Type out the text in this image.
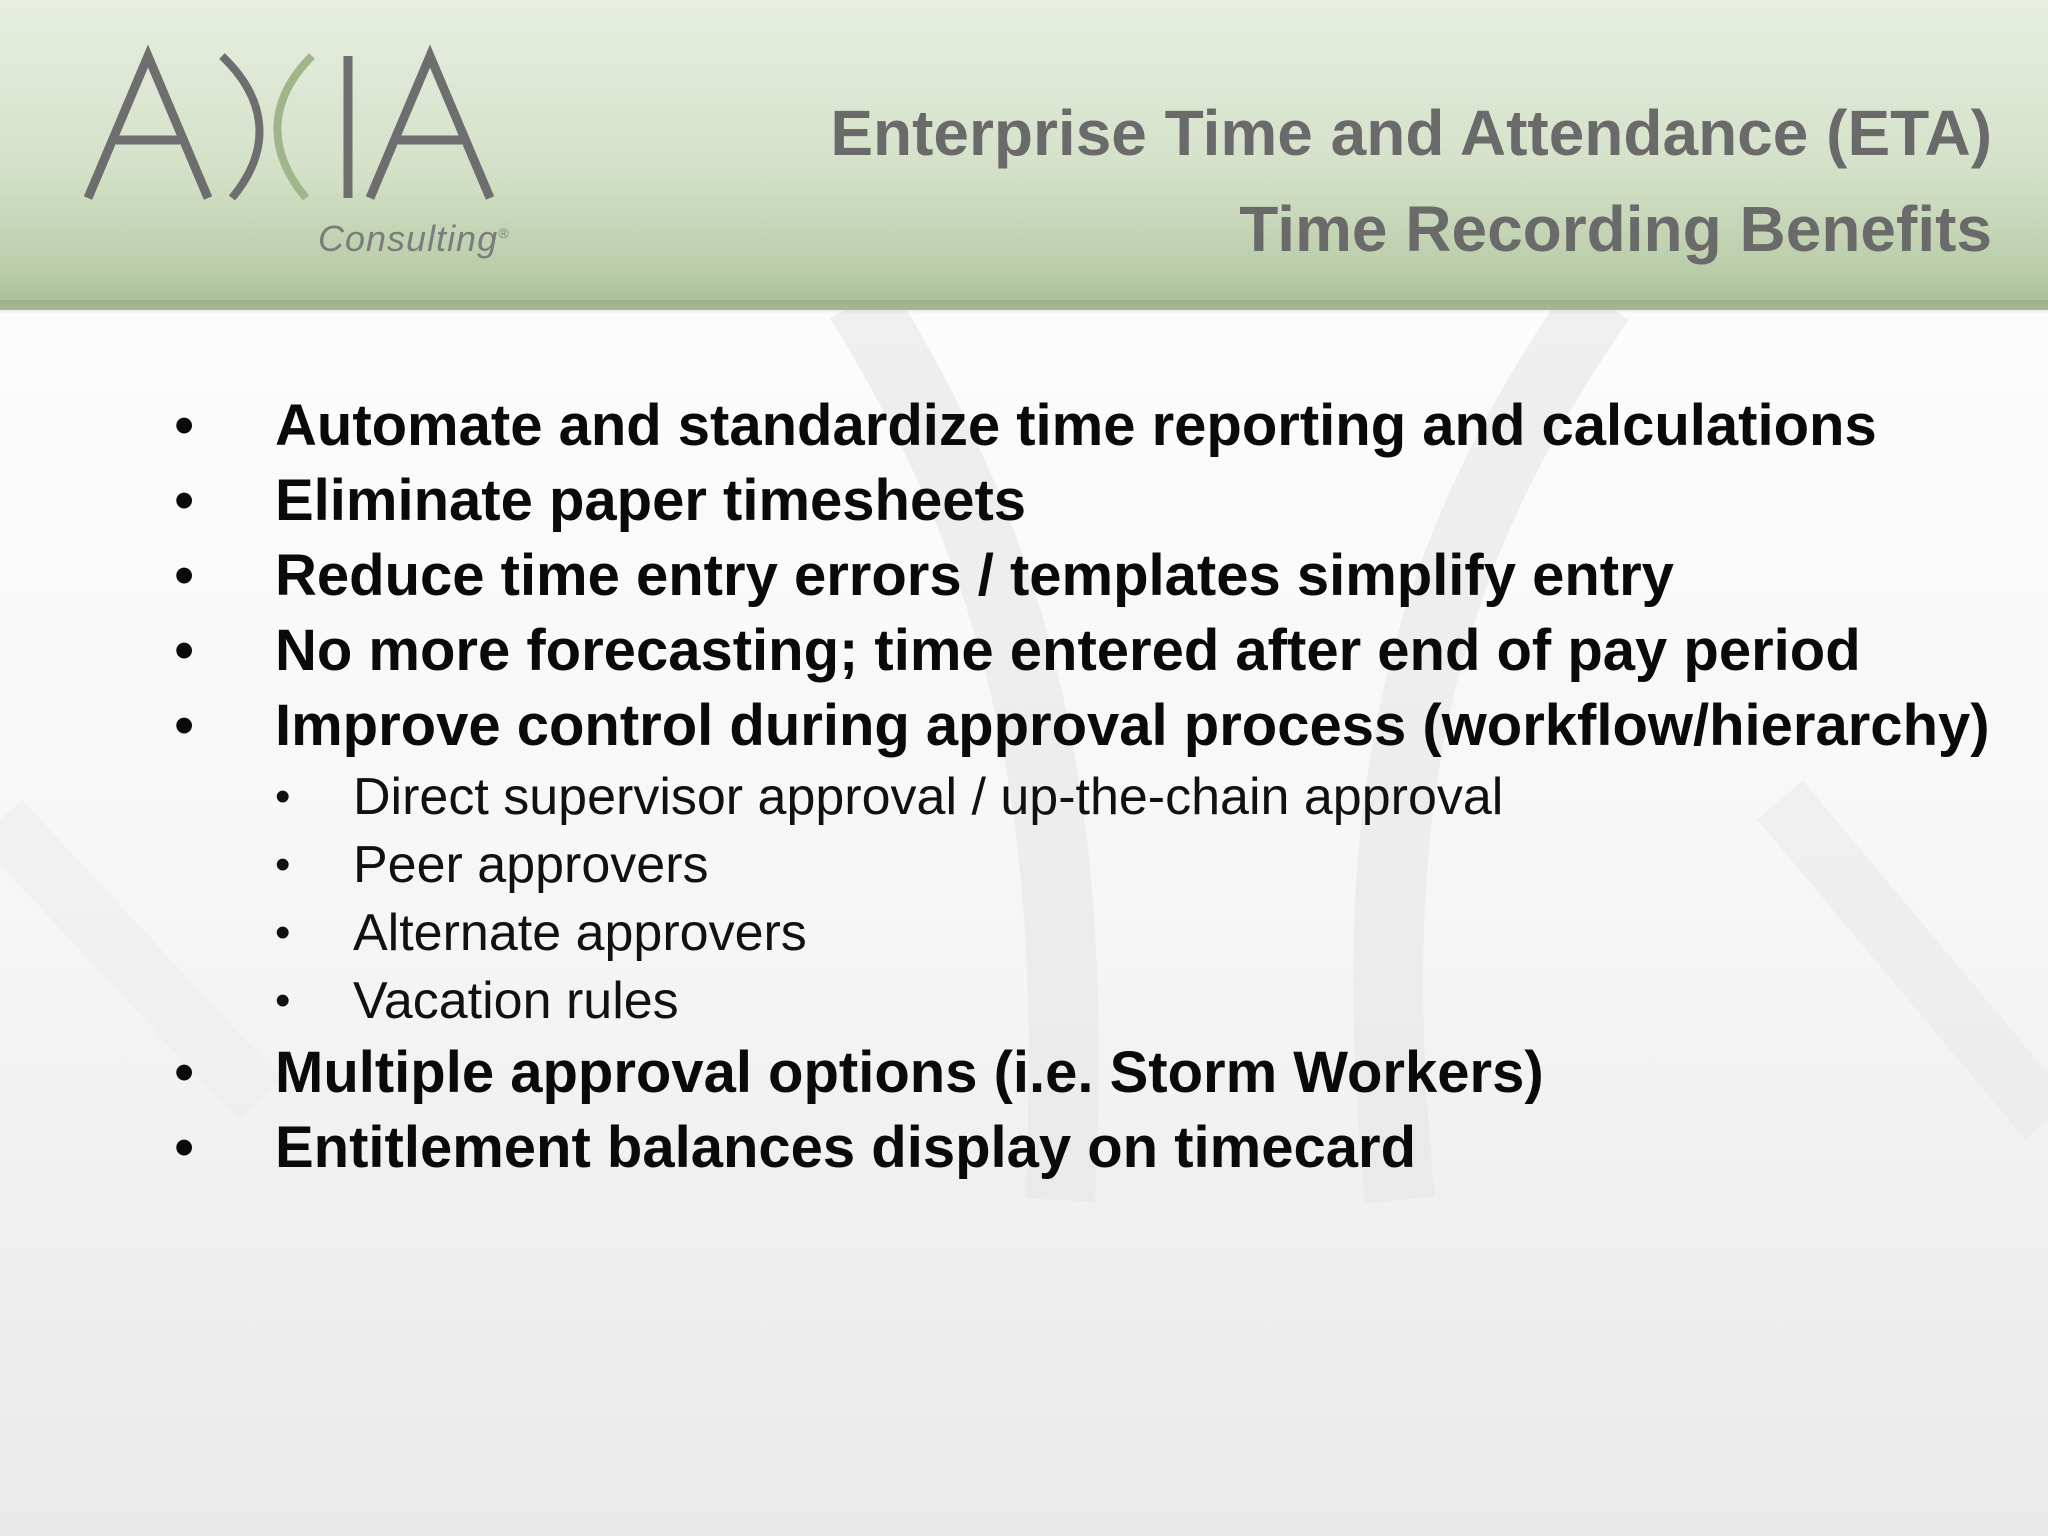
Consulting®
Enterprise Time and Attendance (ETA)
Time Recording Benefits
• Automate and standardize time reporting and calculations
• Eliminate paper timesheets
• Reduce time entry errors / templates simplify entry
• No more forecasting; time entered after end of pay period
• Improve control during approval process (workflow/hierarchy)
• Direct supervisor approval / up-the-chain approval
• Peer approvers
• Alternate approvers
• Vacation rules
• Multiple approval options (i.e. Storm Workers)
• Entitlement balances display on timecard
